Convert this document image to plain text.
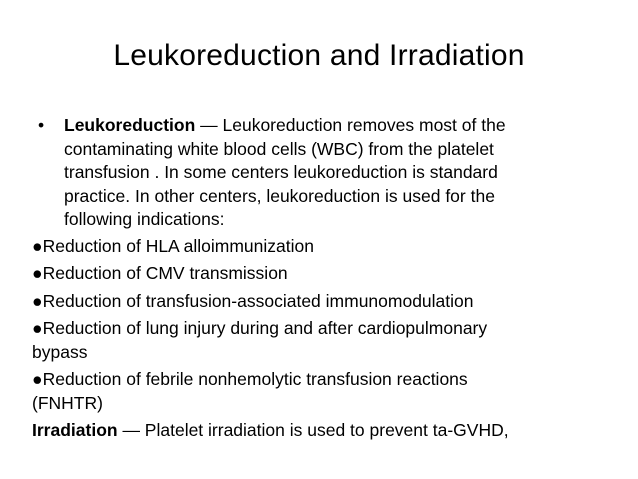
Leukoreduction and Irradiation
• Leukoreduction — Leukoreduction removes most of the
contaminating white blood cells (WBC) from the platelet
transfusion . In some centers leukoreduction is standard
practice. In other centers, leukoreduction is used for the
following indications:
●Reduction of HLA alloimmunization
●Reduction of CMV transmission
●Reduction of transfusion-associated immunomodulation
●Reduction of lung injury during and after cardiopulmonary
bypass
●Reduction of febrile nonhemolytic transfusion reactions
(FNHTR)
Irradiation — Platelet irradiation is used to prevent ta-GVHD,
